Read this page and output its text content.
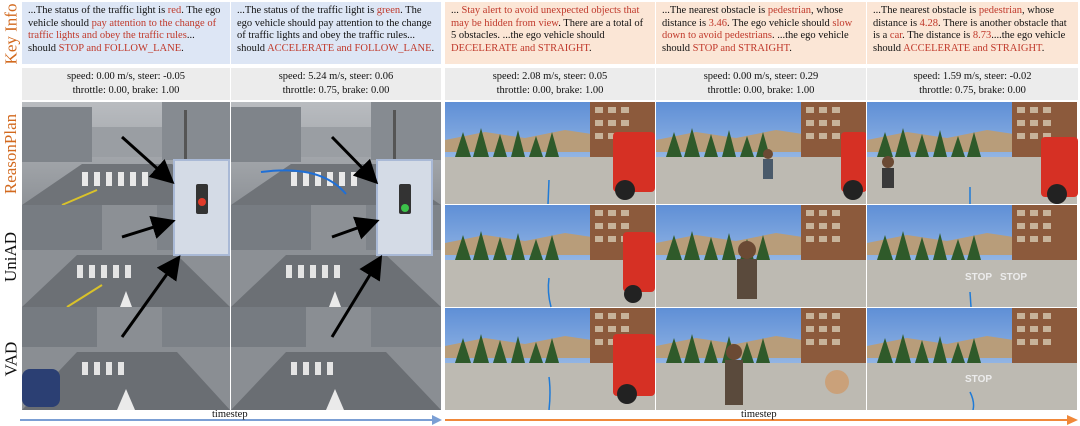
Key Info
ReasonPlan
UniAD
VAD
...The status of the traffic light is red. The ego vehicle should pay attention to the change of traffic lights and obey the traffic rules... should STOP and FOLLOW_LANE.
...The status of the traffic light is green. The ego vehicle should pay attention to the change of traffic lights and obey the traffic rules... should ACCELERATE and FOLLOW_LANE.
... Stay alert to avoid unexpected objects that may be hidden from view. There are a total of 5 obstacles. ...the ego vehicle should DECELERATE and STRAIGHT.
...The nearest obstacle is pedestrian, whose distance is 3.46. The ego vehicle should slow down to avoid pedestrians. ...the ego vehicle should STOP and STRAIGHT.
...The nearest obstacle is pedestrian, whose distance is 4.28. There is another obstacle that is a car. The distance is 8.73....the ego vehicle should ACCELERATE and STRAIGHT.
speed: 0.00 m/s, steer: -0.05
throttle: 0.00, brake: 1.00
speed: 5.24 m/s, steer: 0.06
throttle: 0.75, brake: 0.00
speed: 2.08 m/s, steer: 0.05
throttle: 0.00, brake: 1.00
speed: 0.00 m/s, steer: 0.29
throttle: 0.00, brake: 1.00
speed: 1.59 m/s, steer: -0.02
throttle: 0.75, brake: 0.00
STOP STOP
STOP
timestep	timestep
